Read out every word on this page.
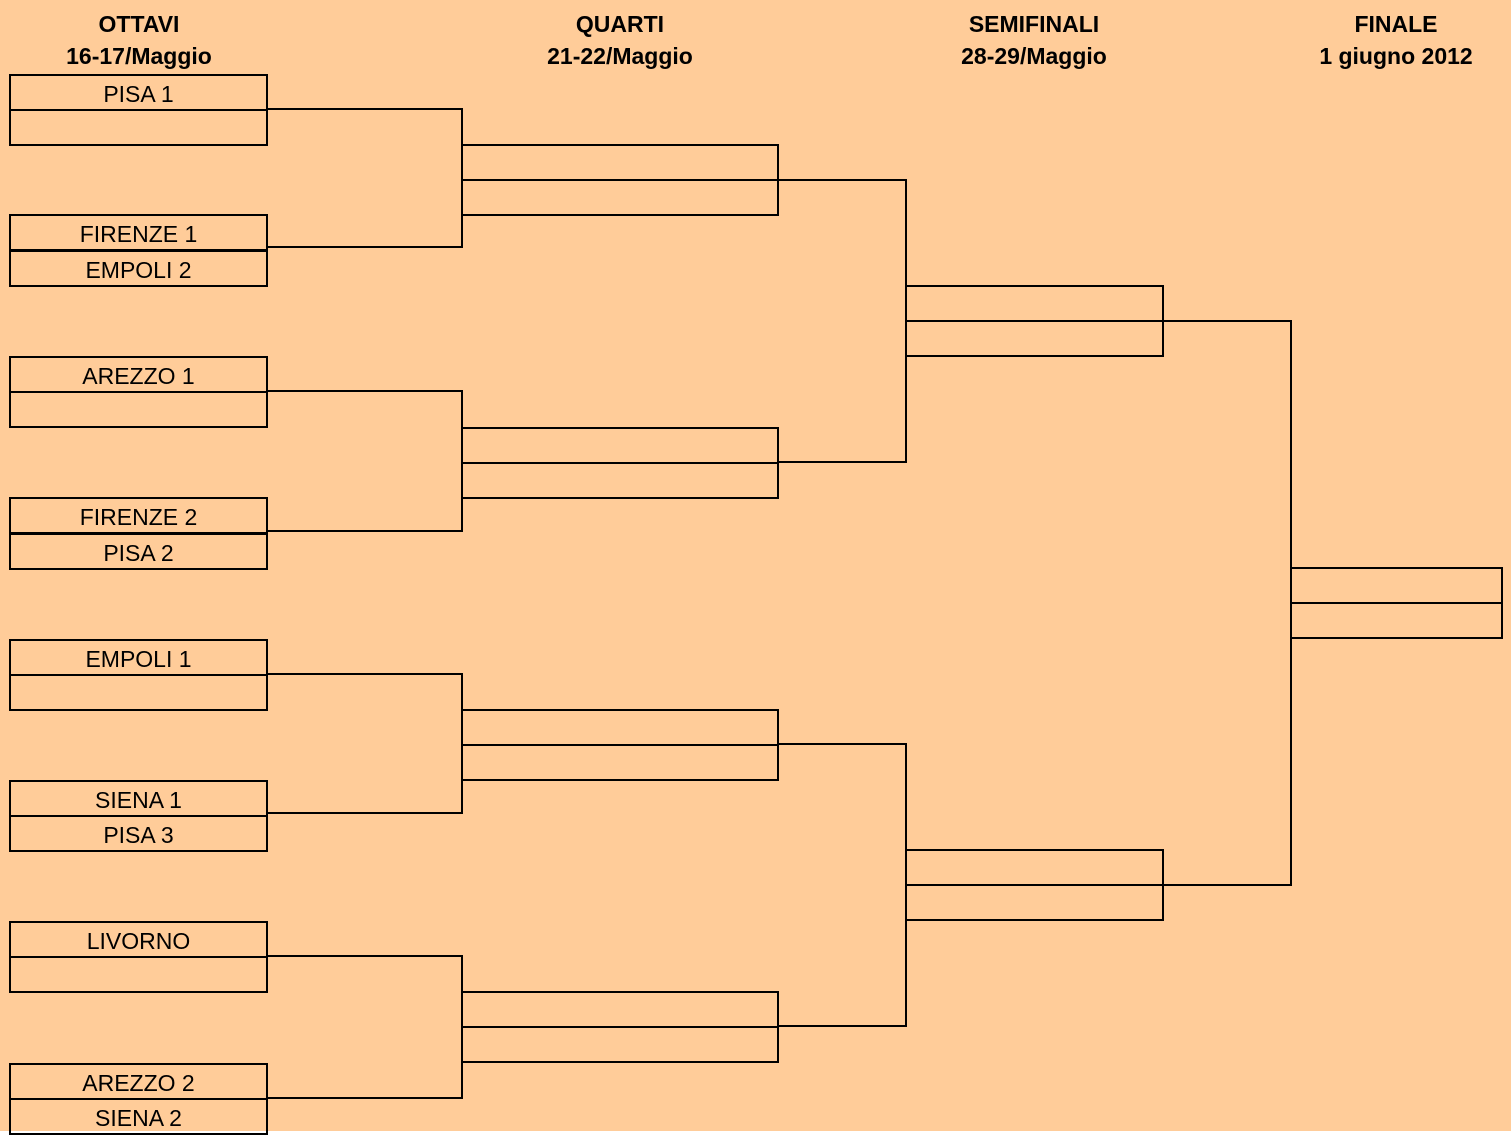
OTTAVI
16-17/Maggio
QUARTI
21-22/Maggio
SEMIFINALI
28-29/Maggio
FINALE
1 giugno 2012
PISA 1
FIRENZE 1
EMPOLI 2
AREZZO 1
FIRENZE 2
PISA 2
EMPOLI 1
SIENA 1
PISA 3
LIVORNO
AREZZO 2
SIENA 2
